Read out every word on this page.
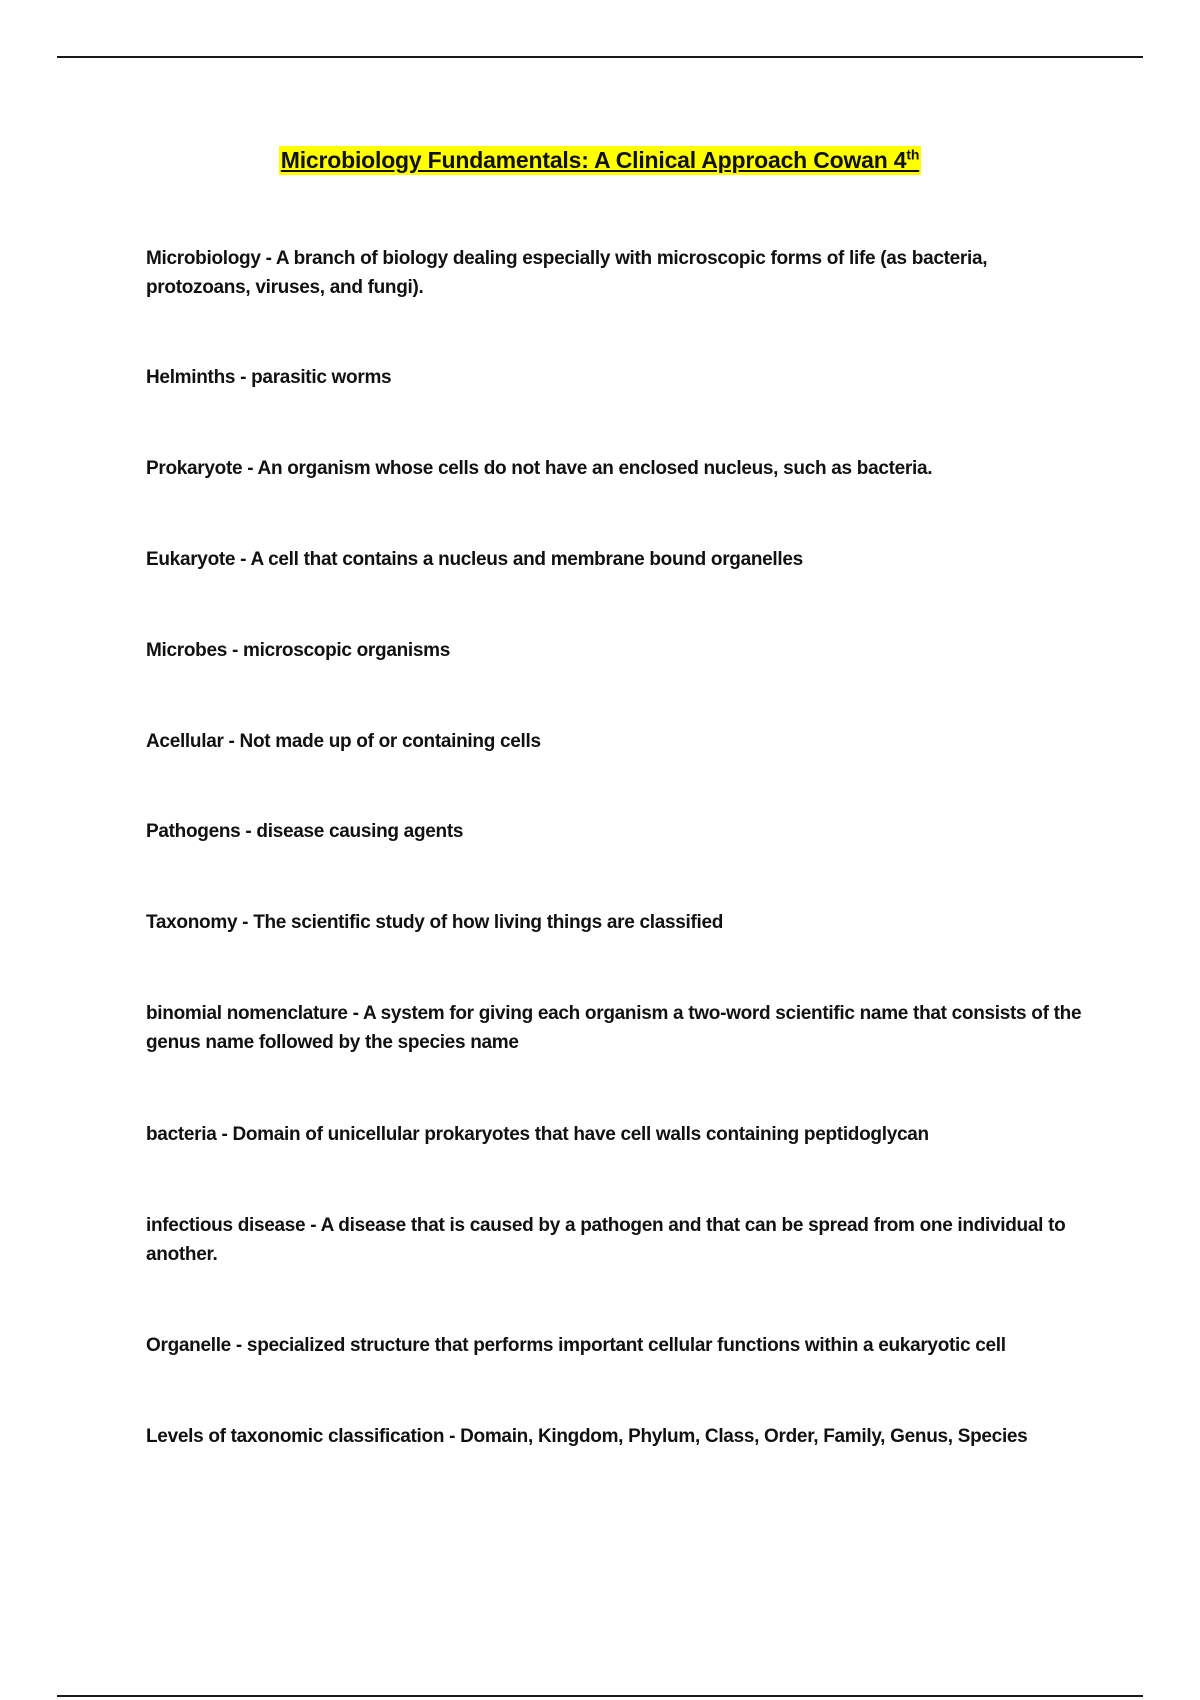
Microbiology Fundamentals: A Clinical Approach Cowan 4th
Microbiology - A branch of biology dealing especially with microscopic forms of life (as bacteria, protozoans, viruses, and fungi).
Helminths - parasitic worms
Prokaryote - An organism whose cells do not have an enclosed nucleus, such as bacteria.
Eukaryote - A cell that contains a nucleus and membrane bound organelles
Microbes - microscopic organisms
Acellular - Not made up of or containing cells
Pathogens - disease causing agents
Taxonomy - The scientific study of how living things are classified
binomial nomenclature - A system for giving each organism a two-word scientific name that consists of the genus name followed by the species name
bacteria - Domain of unicellular prokaryotes that have cell walls containing peptidoglycan
infectious disease - A disease that is caused by a pathogen and that can be spread from one individual to another.
Organelle - specialized structure that performs important cellular functions within a eukaryotic cell
Levels of taxonomic classification - Domain, Kingdom, Phylum, Class, Order, Family, Genus, Species
